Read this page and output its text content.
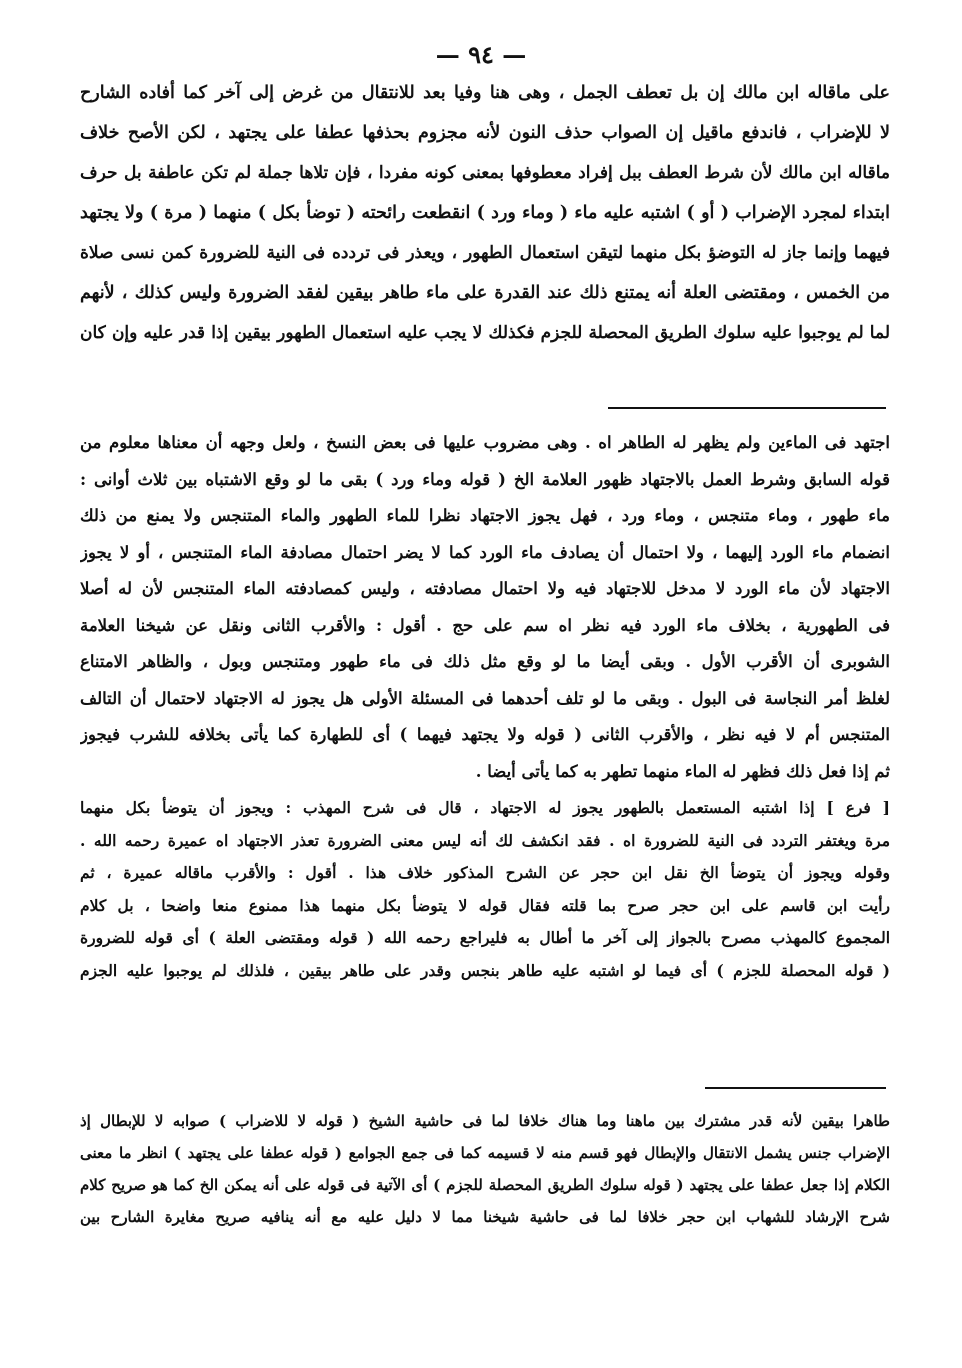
— ٩٤ —
على ماقاله ابن مالك إن بل تعطف الجمل ، وهى هنا وفيا بعد للانتقال من غرض إلى آخر كما أفاده الشارح
لا للإضراب ، فاندفع ماقيل إن الصواب حذف النون لأنه مجزوم بحذفها عطفا على يجتهد ، لكن الأصح خلاف
ماقاله ابن مالك لأن شرط العطف ببل إفراد معطوفها بمعنى كونه مفردا ، فإن تلاها جملة لم تكن عاطفة بل حرف
ابتداء لمجرد الإضراب ( أو ) اشتبه عليه ماء ( وماء ورد ) انقطعت رائحته ( توضأ بكل ) منهما ( مرة ) ولا يجتهد
فيهما وإنما جاز له التوضؤ بكل منهما لتيقن استعمال الطهور ، ويعذر فى تردده فى النية للضرورة كمن نسى صلاة
من الخمس ، ومقتضى العلة أنه يمتنع ذلك عند القدرة على ماء طاهر بيقين لفقد الضرورة وليس كذلك ، لأنهم
لما لم يوجبوا عليه سلوك الطريق المحصلة للجزم فكذلك لا يجب عليه استعمال الطهور بيقين إذا قدر عليه وإن كان
اجتهد فى الماءين ولم يظهر له الطاهر اه . وهى مضروب عليها فى بعض النسخ ، ولعل وجهه أن معناها معلوم من
قوله السابق وشرط العمل بالاجتهاد ظهور العلامة الخ ( قوله وماء ورد ) بقى ما لو وقع الاشتباه بين ثلاث أوانى :
ماء طهور ، وماء متنجس ، وماء ورد ، فهل يجوز الاجتهاد نظرا للماء الطهور والماء المتنجس ولا يمنع من ذلك
انضمام ماء الورد إليهما ، ولا احتمال أن يصادف ماء الورد كما لا يضر احتمال مصادفة الماء المتنجس ، أو لا يجوز
الاجتهاد لأن ماء الورد لا مدخل للاجتهاد فيه ولا احتمال مصادفته ، وليس كمصادفته الماء المتنجس لأن له أصلا
فى الطهورية ، بخلاف ماء الورد فيه نظر اه سم على حج . أقول : والأقرب الثانى ونقل عن شيخنا العلامة
الشوبرى أن الأقرب الأول . وبقى أيضا ما لو وقع مثل ذلك فى ماء طهور ومتنجس وبول ، والظاهر الامتناع
لغلظ أمر النجاسة فى البول . وبقى ما لو تلف أحدهما فى المسئلة الأولى هل يجوز له الاجتهاد لاحتمال أن التالف
المتنجس أم لا فيه نظر ، والأقرب الثانى ( قوله ولا يجتهد فيهما ) أى للطهارة كما يأتى بخلافه للشرب فيجوز
ثم إذا فعل ذلك فظهر له الماء منهما تطهر به كما يأتى أيضا .
[ فرع ] إذا اشتبه المستعمل بالطهور يجوز له الاجتهاد ، قال فى شرح المهذب : ويجوز أن يتوضأ بكل منهما
مرة ويغتفر التردد فى النية للضرورة اه . فقد انكشف لك أنه ليس معنى الضرورة تعذر الاجتهاد اه عميرة رحمه الله .
وقوله ويجوز أن يتوضأ الخ نقل ابن حجر عن الشرح المذكور خلاف هذا . أقول : والأقرب ماقاله عميرة ، ثم
رأيت ابن قاسم على ابن حجر صرح بما قلته فقال قوله لا يتوضأ بكل منهما هذا ممنوع منعا واضحا ، بل كلام
المجموع كالمهذب مصرح بالجواز إلى آخر ما أطال به فليراجع رحمه الله ( قوله ومقتضى العلة ) أى قوله للضرورة
( قوله المحصلة للجزم ) أى فيما لو اشتبه عليه طاهر بنجس وقدر على طاهر بيقين ، فلذلك لم يوجبوا عليه الجزم
طاهرا بيقين لأنه قدر مشترك بين ماهنا وما هناك خلافا لما فى حاشية الشيخ ( قوله لا للاضراب ) صوابه لا للإبطال إذ
الإضراب جنس يشمل الانتقال والإبطال فهو قسم منه لا قسيمه كما فى جمع الجوامع ( قوله عطفا على يجتهد ) انظر ما معنى
الكلام إذا جعل عطفا على يجتهد ( قوله سلوك الطريق المحصلة للجزم ) أى الآتية فى قوله على أنه يمكن الخ كما هو صريح كلام
شرح الإرشاد للشهاب ابن حجر خلافا لما فى حاشية شيخنا مما لا دليل عليه مع أنه ينافيه صريح مغايرة الشارح بين
